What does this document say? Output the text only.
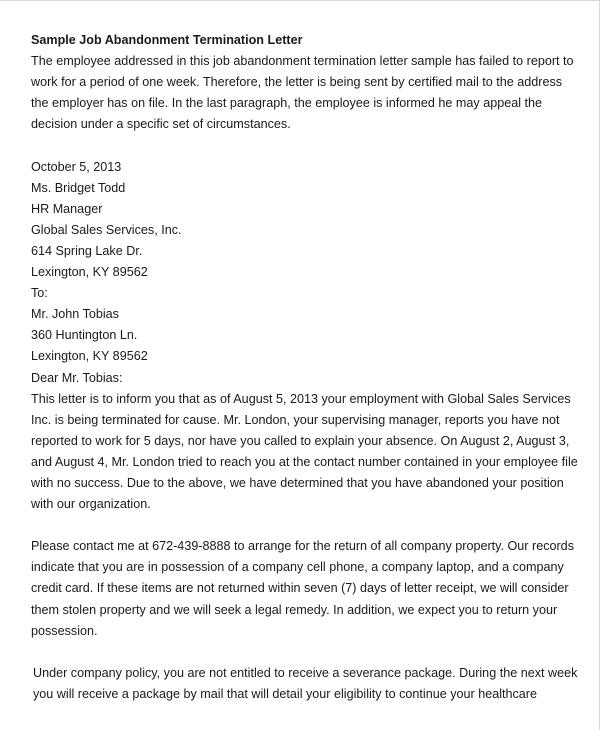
Sample Job Abandonment Termination Letter
The employee addressed in this job abandonment termination letter sample has failed to report to
work for a period of one week. Therefore, the letter is being sent by certified mail to the address
the employer has on file. In the last paragraph, the employee is informed he may appeal the
decision under a specific set of circumstances.
October 5, 2013
Ms. Bridget Todd
HR Manager
Global Sales Services, Inc.
614 Spring Lake Dr.
Lexington, KY 89562
To:
Mr. John Tobias
360 Huntington Ln.
Lexington, KY 89562
Dear Mr. Tobias:
This letter is to inform you that as of August 5, 2013 your employment with Global Sales Services
Inc. is being terminated for cause. Mr. London, your supervising manager, reports you have not
reported to work for 5 days, nor have you called to explain your absence. On August 2, August 3,
and August 4, Mr. London tried to reach you at the contact number contained in your employee file
with no success. Due to the above, we have determined that you have abandoned your position
with our organization.
Please contact me at 672-439-8888 to arrange for the return of all company property. Our records
indicate that you are in possession of a company cell phone, a company laptop, and a company
credit card. If these items are not returned within seven (7) days of letter receipt, we will consider
them stolen property and we will seek a legal remedy. In addition, we expect you to return your
possession.
Under company policy, you are not entitled to receive a severance package. During the next week
you will receive a package by mail that will detail your eligibility to continue your healthcare
